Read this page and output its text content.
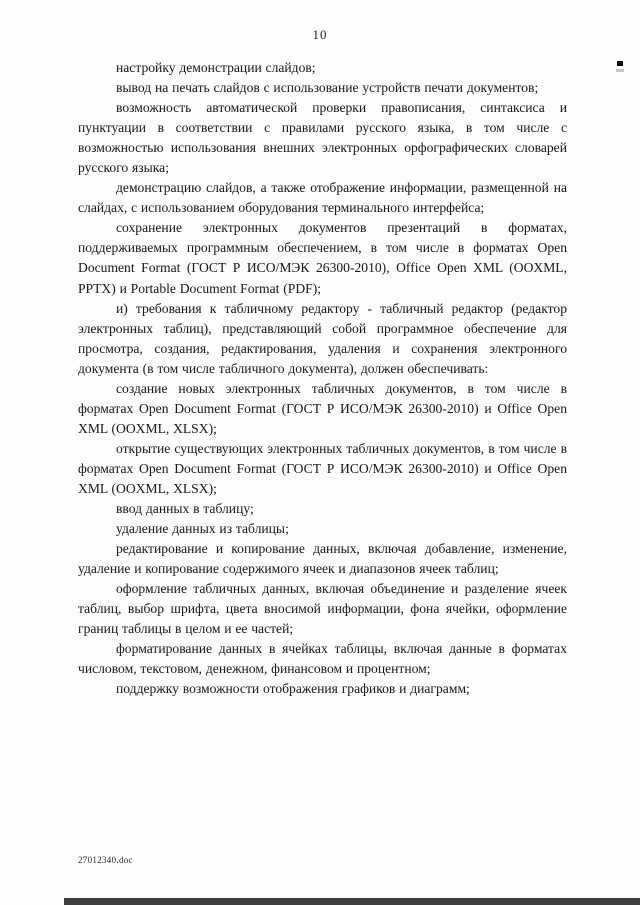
10

настройку демонстрации слайдов;

вывод на печать слайдов с использование устройств печати документов;

возможность автоматической проверки правописания, синтаксиса и пунктуации в соответствии с правилами русского языка, в том числе с возможностью использования внешних электронных орфографических словарей русского языка;

демонстрацию слайдов, а также отображение информации, размещенной на слайдах, с использованием оборудования терминального интерфейса;

сохранение электронных документов презентаций в форматах, поддерживаемых программным обеспечением, в том числе в форматах Open Document Format (ГОСТ Р ИСО/МЭК 26300-2010), Office Open XML (OOXML, PPTX) и Portable Document Format (PDF);

и) требования к табличному редактору - табличный редактор (редактор электронных таблиц), представляющий собой программное обеспечение для просмотра, создания, редактирования, удаления и сохранения электронного документа (в том числе табличного документа), должен обеспечивать:

создание новых электронных табличных документов, в том числе в форматах Open Document Format (ГОСТ Р ИСО/МЭК 26300-2010) и Office Open XML (OOXML, XLSX);

открытие существующих электронных табличных документов, в том числе в форматах Open Document Format (ГОСТ Р ИСО/МЭК 26300-2010) и Office Open XML (OOXML, XLSX);

ввод данных в таблицу;

удаление данных из таблицы;

редактирование и копирование данных, включая добавление, изменение, удаление и копирование содержимого ячеек и диапазонов ячеек таблиц;

оформление табличных данных, включая объединение и разделение ячеек таблиц, выбор шрифта, цвета вносимой информации, фона ячейки, оформление границ таблицы в целом и ее частей;

форматирование данных в ячейках таблицы, включая данные в форматах числовом, текстовом, денежном, финансовом и процентном;

поддержку возможности отображения графиков и диаграмм;

27012340.doc
